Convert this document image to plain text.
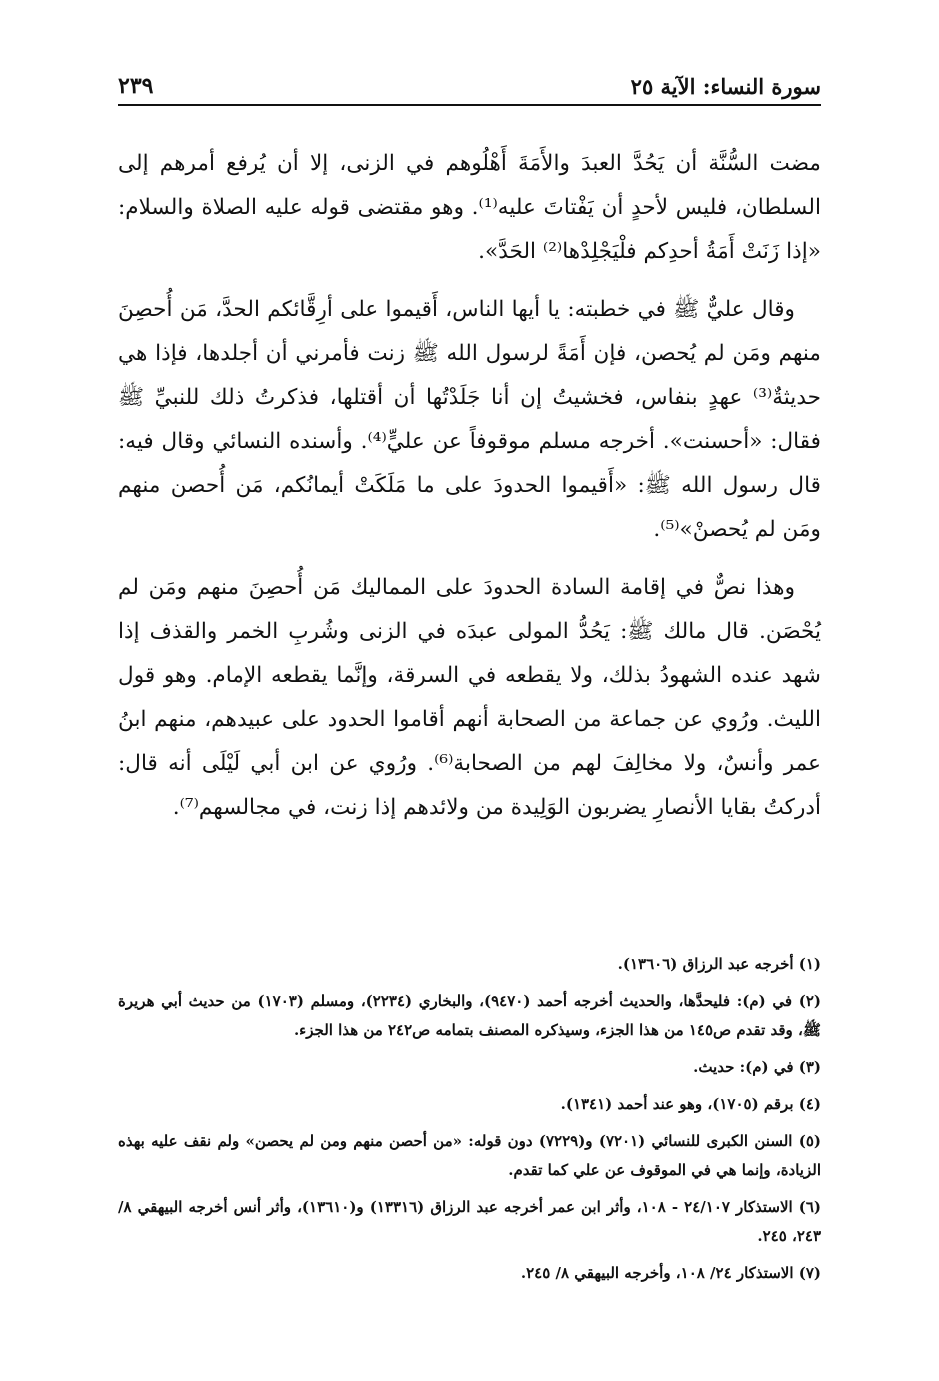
سورة النساء: الآية ٢٥
٢٣٩

مضت السُّنَّة أن يَحُدَّ العبدَ والأَمَةَ أَهْلُوهم في الزنى، إلا أن يُرفع أمرهم إلى السلطان، فليس لأحدٍ أن يَفْتاتَ عليه⁽¹⁾. وهو مقتضى قوله عليه الصلاة والسلام: «إذا زَنَتْ أَمَةُ أحدِكم فلْيَجْلِدْها⁽²⁾ الحَدَّ».

وقال عليٌّ ﷺ في خطبته: يا أيها الناس، أَقيموا على أرِقَّائكم الحدَّ، مَن أُحصِنَ منهم ومَن لم يُحصن، فإن أَمَةً لرسول الله ﷺ زنت فأمرني أن أجلدها، فإذا هي حديثةٌ⁽³⁾ عهدٍ بنفاس، فخشيتُ إن أنا جَلَدْتُها أن أقتلها، فذكرتُ ذلك للنبيِّ ﷺ فقال: «أحسنت». أخرجه مسلم موقوفاً عن عليٍّ⁽⁴⁾. وأسنده النسائي وقال فيه: قال رسول الله ﷺ: «أَقيموا الحدودَ على ما مَلَكَتْ أيمانُكم، مَن أُحصن منهم ومَن لم يُحصنْ»⁽⁵⁾.

وهذا نصٌّ في إقامة السادة الحدودَ على المماليك مَن أُحصِنَ منهم ومَن لم يُحْصَن. قال مالك ﷺ: يَحُدُّ المولى عبدَه في الزنى وشُربِ الخمر والقذف إذا شهد عنده الشهودُ بذلك، ولا يقطعه في السرقة، وإنَّما يقطعه الإمام. وهو قول الليث. ورُوي عن جماعة من الصحابة أنهم أقاموا الحدود على عبيدهم، منهم ابنُ عمر وأنسٌ، ولا مخالِفَ لهم من الصحابة⁽⁶⁾. ورُوي عن ابن أبي لَيْلَى أنه قال: أدركتُ بقايا الأنصارِ يضربون الوَلِيدة من ولائدهم إذا زنت، في مجالسهم⁽⁷⁾.

(١) أخرجه عبد الرزاق (١٣٦٠٦).
(٢) في (م): فليحدَّها، والحديث أخرجه أحمد (٩٤٧٠)، والبخاري (٢٢٣٤)، ومسلم (١٧٠٣) من حديث أبي هريرة ﷺ، وقد تقدم ص١٤٥ من هذا الجزء، وسيذكره المصنف بتمامه ص٢٤٢ من هذا الجزء.
(٣) في (م): حديث.
(٤) برقم (١٧٠٥)، وهو عند أحمد (١٣٤١).
(٥) السنن الكبرى للنسائي (٧٢٠١) و(٧٢٢٩) دون قوله: «من أحصن منهم ومن لم يحصن» ولم نقف عليه بهذه الزيادة، وإنما هي في الموقوف عن علي كما تقدم.
(٦) الاستذكار ٢٤/١٠٧ - ١٠٨، وأثر ابن عمر أخرجه عبد الرزاق (١٣٣١٦) و(١٣٦١٠)، وأثر أنس أخرجه البيهقي ٨/ ٢٤٣، ٢٤٥.
(٧) الاستذكار ٢٤/ ١٠٨، وأخرجه البيهقي ٨/ ٢٤٥.
